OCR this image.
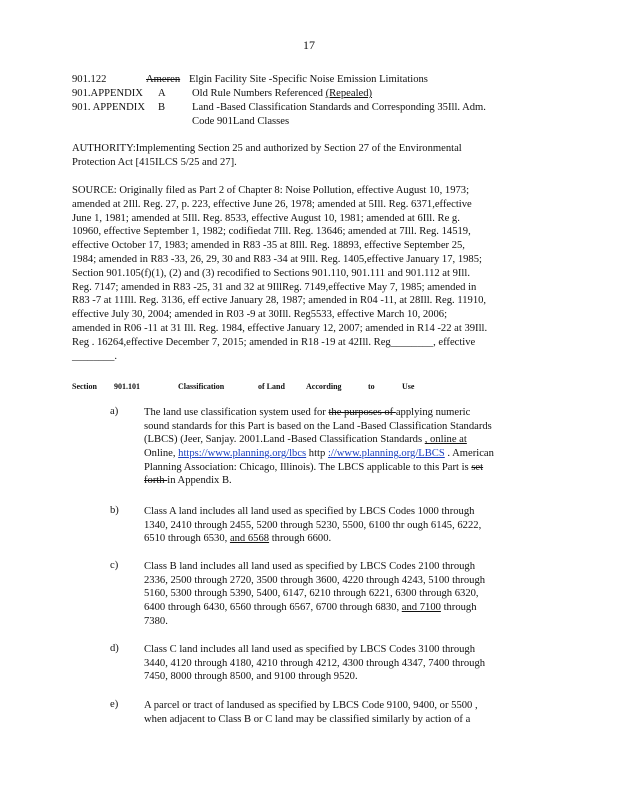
17
901.122	Ameren Elgin Facility Site -Specific Noise Emission Limitations
901.APPENDIX A Old Rule Numbers Referenced (Repealed)
901. APPENDIX B	Land -Based Classification Standards and Corresponding 35Ill. Adm.
Code 901Land Classes
AUTHORITY:Implementing Section 25 and authorized by Section 27 of the Environmental
Protection Act [415ILCS 5/25 and 27].
SOURCE: Originally filed as Part 2 of Chapter 8: Noise Pollution, effective August 10, 1973;
amended at 2Ill. Reg. 27, p. 223, effective June 26, 1978; amended at 5Ill. Reg. 6371,effective
June 1, 1981; amended at 5Ill. Reg. 8533, effective August 10, 1981; amended at 6Ill. Re g.
10960, effective September 1, 1982; codifiedat 7Ill. Reg. 13646; amended at 7Ill. Reg. 14519,
effective October 17, 1983; amended in R83 -35 at 8Ill. Reg. 18893, effective September 25,
1984; amended in R83 -33, 26, 29, 30 and R83 -34 at 9Ill. Reg. 1405,effective January 17, 1985;
Section 901.105(f)(1), (2) and (3) recodified to Sections 901.110, 901.111 and 901.112 at 9Ill.
Reg. 7147; amended in R83 -25, 31 and 32 at 9IllReg. 7149,effective May 7, 1985; amended in
R83 -7 at 11Ill. Reg. 3136, eff ective January 28, 1987; amended in R04 -11, at 28Ill. Reg. 11910,
effective July 30, 2004; amended in R03 -9 at 30Ill. Reg5533, effective March 10, 2006;
amended in R06 -11 at 31 Ill. Reg. 1984, effective January 12, 2007; amended in R14 -22 at 39Ill.
Reg . 16264,effective December 7, 2015; amended in R18 -19 at 42Ill. Reg________, effective
________.
Section 901.101	Classification	of Land	According	to	Use
a) The land use classification system used for the purposes of applying numeric
sound standards for this Part is based on the Land -Based Classification Standards
(LBCS) (Jeer, Sanjay. 2001.Land -Based Classification Standards , online at
Online, https://www.planning.org/lbcs http ://www.planning.org/LBCS . American
Planning Association: Chicago, Illinois). The LBCS applicable to this Part is set
forth in Appendix B.
b) Class A land includes all land used as specified by LBCS Codes 1000 through
1340, 2410 through 2455, 5200 through 5230, 5500, 6100 thr ough 6145, 6222,
6510 through 6530, and 6568 through 6600.
c) Class B land includes all land used as specified by LBCS Codes 2100 through
2336, 2500 through 2720, 3500 through 3600, 4220 through 4243, 5100 through
5160, 5300 through 5390, 5400, 6147, 6210 through 6221, 6300 through 6320,
6400 through 6430, 6560 through 6567, 6700 through 6830, and 7100 through
7380.
d) Class C land includes all land used as specified by LBCS Codes 3100 through
3440, 4120 through 4180, 4210 through 4212, 4300 through 4347, 7400 through
7450, 8000 through 8500, and 9100 through 9520.
e) A parcel or tract of landused as specified by LBCS Code 9100, 9400, or 5500 ,
when adjacent to Class B or C land may be classified similarly by action of a
